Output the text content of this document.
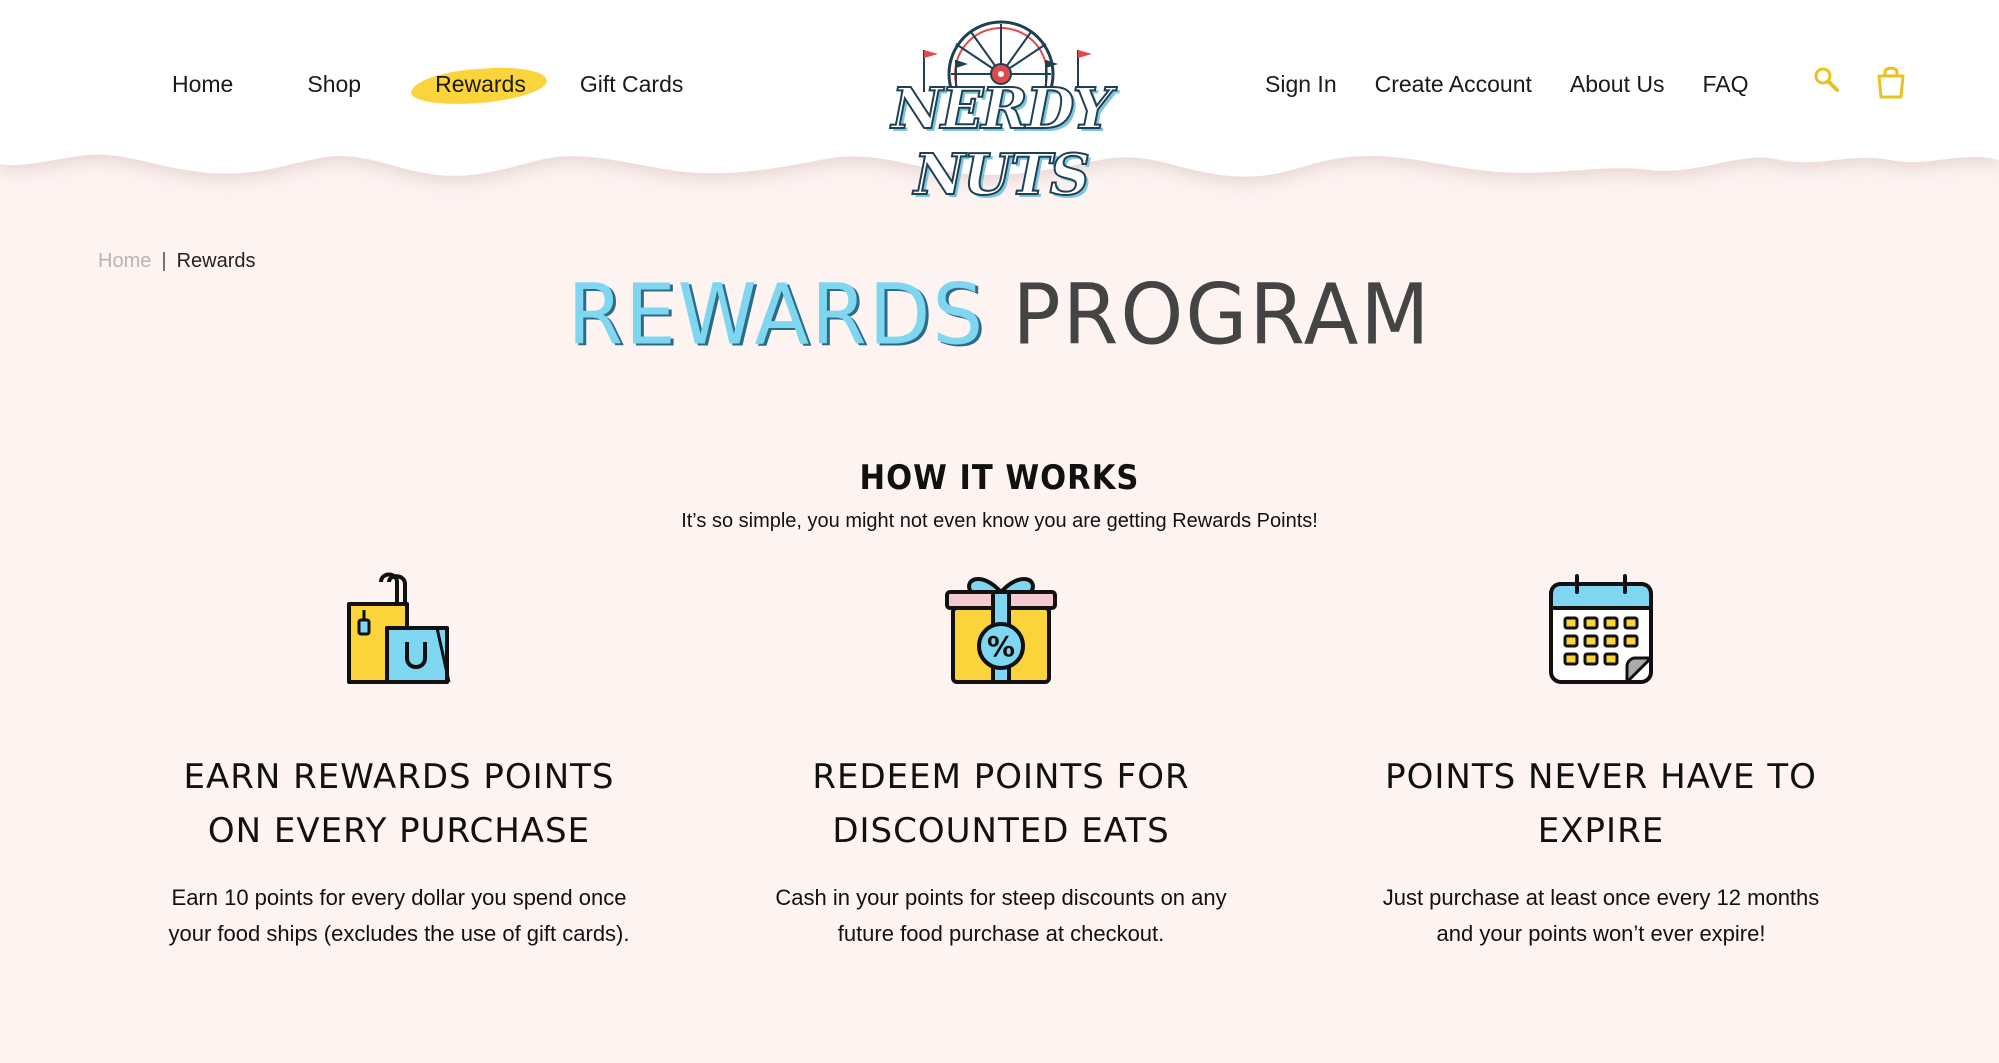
Home	Shop	Rewards Gift Cards	NERDY NUTS
Sign In Create Account About Us FAQ
Home | Rewards
REWARDS PROGRAM
HOW IT WORKS

It’s so simple, you might not even know you are getting Rewards Points!

EARN REWARDS POINTS
ON EVERY PURCHASE

Earn 10 points for every dollar you spend once your food ships (excludes the use of gift cards).

%
REDEEM POINTS FOR
DISCOUNTED EATS

Cash in your points for steep discounts on any future food purchase at checkout.

POINTS NEVER HAVE TO
EXPIRE

Just purchase at least once every 12 months and your points won’t ever expire!
